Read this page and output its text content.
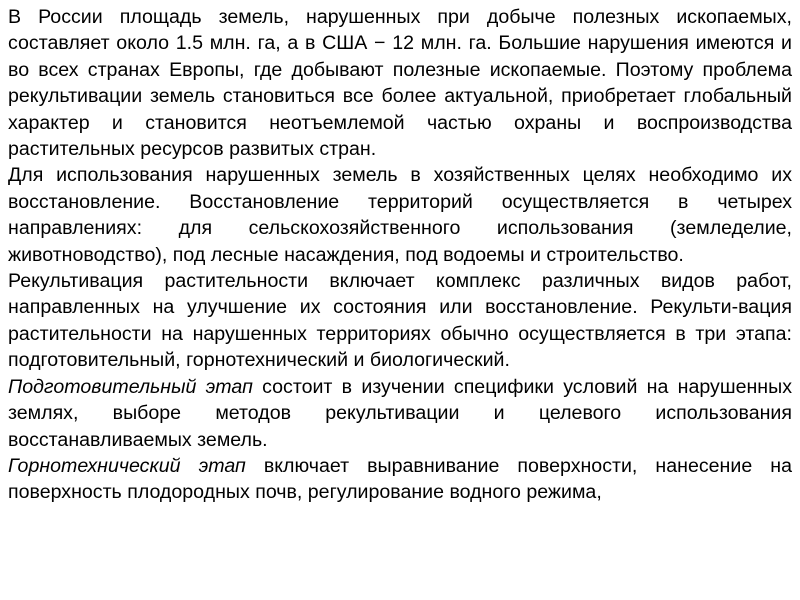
В России площадь земель, нарушенных при добыче полезных ископаемых, составляет около 1.5 млн. га, а в США − 12 млн. га. Большие нарушения имеются и во всех странах Европы, где добывают полезные ископаемые. Поэтому проблема рекультивации земель становиться все более актуальной, приобретает глобальный характер и становится неотъемлемой частью охраны и воспроизводства растительных ресурсов развитых стран.

Для использования нарушенных земель в хозяйственных целях необходимо их восстановление. Восстановление территорий осуществляется в четырех направлениях: для сельскохозяйственного использования (земледелие, животноводство), под лесные насаждения, под водоемы и строительство.

Рекультивация растительности включает комплекс различных видов работ, направленных на улучшение их состояния или восстановление. Рекульти-вация растительности на нарушенных территориях обычно осуществляется в три этапа: подготовительный, горнотехнический и биологический.

Подготовительный этап состоит в изучении специфики условий на нарушенных землях, выборе методов рекультивации и целевого использования восстанавливаемых земель.

Горнотехнический этап включает выравнивание поверхности, нанесение на поверхность плодородных почв, регулирование водного режима,
